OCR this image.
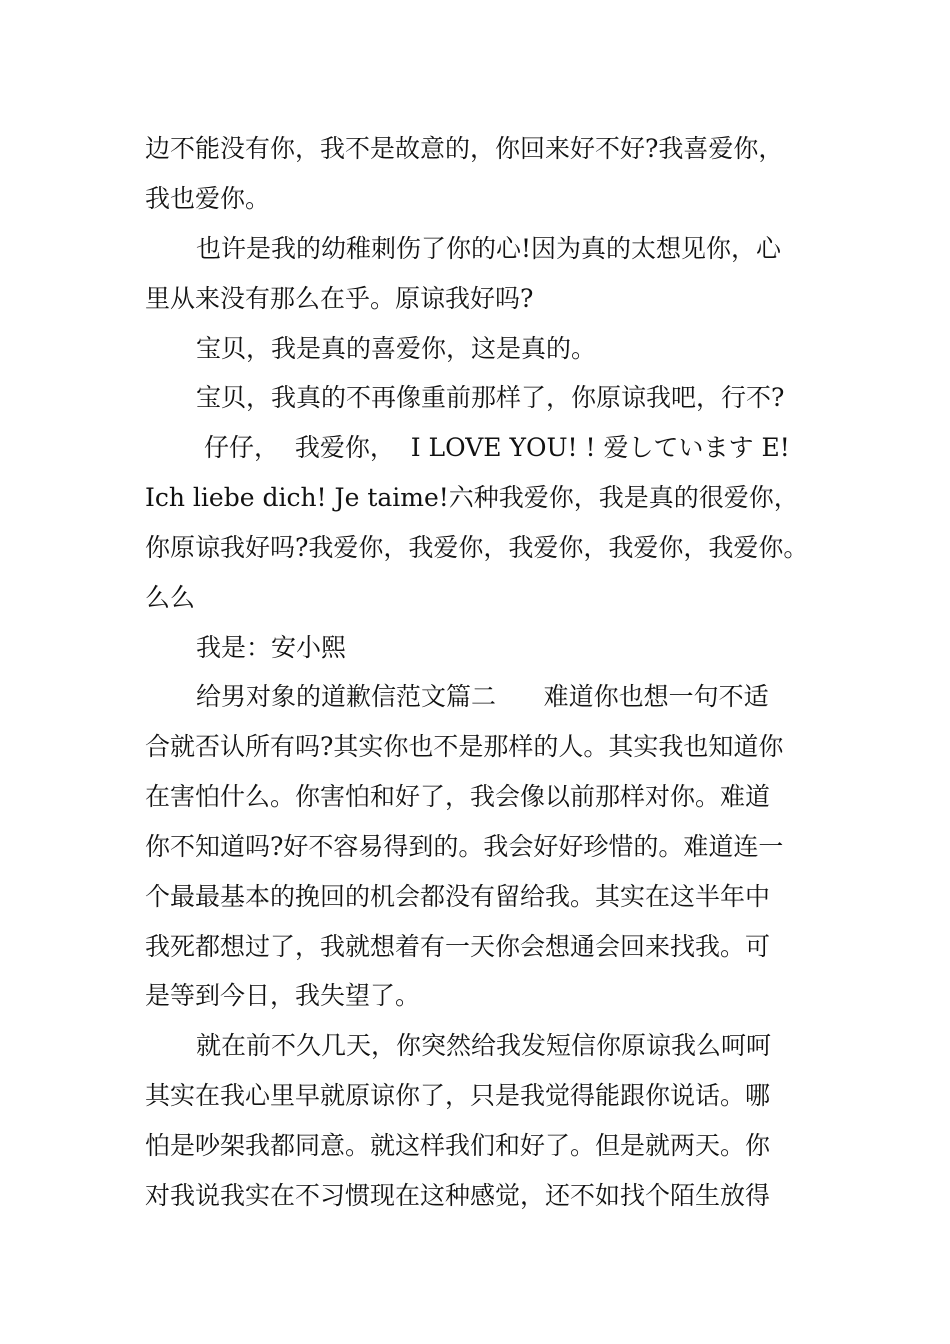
边不能没有你，我不是故意的，你回来好不好?我喜爱你，
我也爱你。
也许是我的幼稚刺伤了你的心!因为真的太想见你，心
里从来没有那么在乎。原谅我好吗?
宝贝，我是真的喜爱你，这是真的。
宝贝，我真的不再像重前那样了，你原谅我吧，行不?
仔仔，  我爱你，  I LOVE YOU! ! 爱しています E!
Ich liebe dich! Je taime!六种我爱你，我是真的很爱你，
你原谅我好吗?我爱你，我爱你，我爱你，我爱你，我爱你。
么么
我是：安小熙
给男对象的道歉信范文篇二      难道你也想一句不适
合就否认所有吗?其实你也不是那样的人。其实我也知道你
在害怕什么。你害怕和好了，我会像以前那样对你。难道
你不知道吗?好不容易得到的。我会好好珍惜的。难道连一
个最最基本的挽回的机会都没有留给我。其实在这半年中
我死都想过了，我就想着有一天你会想通会回来找我。可
是等到今日，我失望了。
就在前不久几天，你突然给我发短信你原谅我么呵呵
其实在我心里早就原谅你了，只是我觉得能跟你说话。哪
怕是吵架我都同意。就这样我们和好了。但是就两天。你
对我说我实在不习惯现在这种感觉，还不如找个陌生放得
